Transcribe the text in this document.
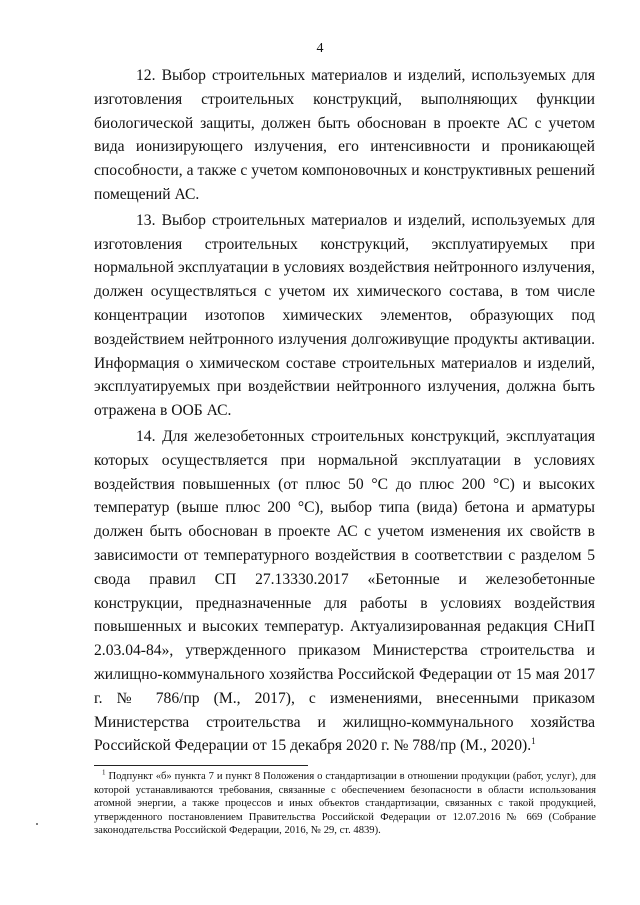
4

12. Выбор строительных материалов и изделий, используемых для изготовления строительных конструкций, выполняющих функции биологической защиты, должен быть обоснован в проекте АС с учетом вида ионизирующего излучения, его интенсивности и проникающей способности, а также с учетом компоновочных и конструктивных решений помещений АС.

13. Выбор строительных материалов и изделий, используемых для изготовления строительных конструкций, эксплуатируемых при нормальной эксплуатации в условиях воздействия нейтронного излучения, должен осуществляться с учетом их химического состава, в том числе концентрации изотопов химических элементов, образующих под воздействием нейтронного излучения долгоживущие продукты активации. Информация о химическом составе строительных материалов и изделий, эксплуатируемых при воздействии нейтронного излучения, должна быть отражена в ООБ АС.

14. Для железобетонных строительных конструкций, эксплуатация которых осуществляется при нормальной эксплуатации в условиях воздействия повышенных (от плюс 50 °С до плюс 200 °С) и высоких температур (выше плюс 200 °С), выбор типа (вида) бетона и арматуры должен быть обоснован в проекте АС с учетом изменения их свойств в зависимости от температурного воздействия в соответствии с разделом 5 свода правил СП 27.13330.2017 «Бетонные и железобетонные конструкции, предназначенные для работы в условиях воздействия повышенных и высоких температур. Актуализированная редакция СНиП 2.03.04-84», утвержденного приказом Министерства строительства и жилищно-коммунального хозяйства Российской Федерации от 15 мая 2017 г. № 786/пр (М., 2017), с изменениями, внесенными приказом Министерства строительства и жилищно-коммунального хозяйства Российской Федерации от 15 декабря 2020 г. № 788/пр (М., 2020).$^1$

$^1$ Подпункт «б» пункта 7 и пункт 8 Положения о стандартизации в отношении продукции (работ, услуг), для которой устанавливаются требования, связанные с обеспечением безопасности в области использования атомной энергии, а также процессов и иных объектов стандартизации, связанных с такой продукцией, утвержденного постановлением Правительства Российской Федерации от 12.07.2016 № 669 (Собрание законодательства Российской Федерации, 2016, № 29, ст. 4839).
